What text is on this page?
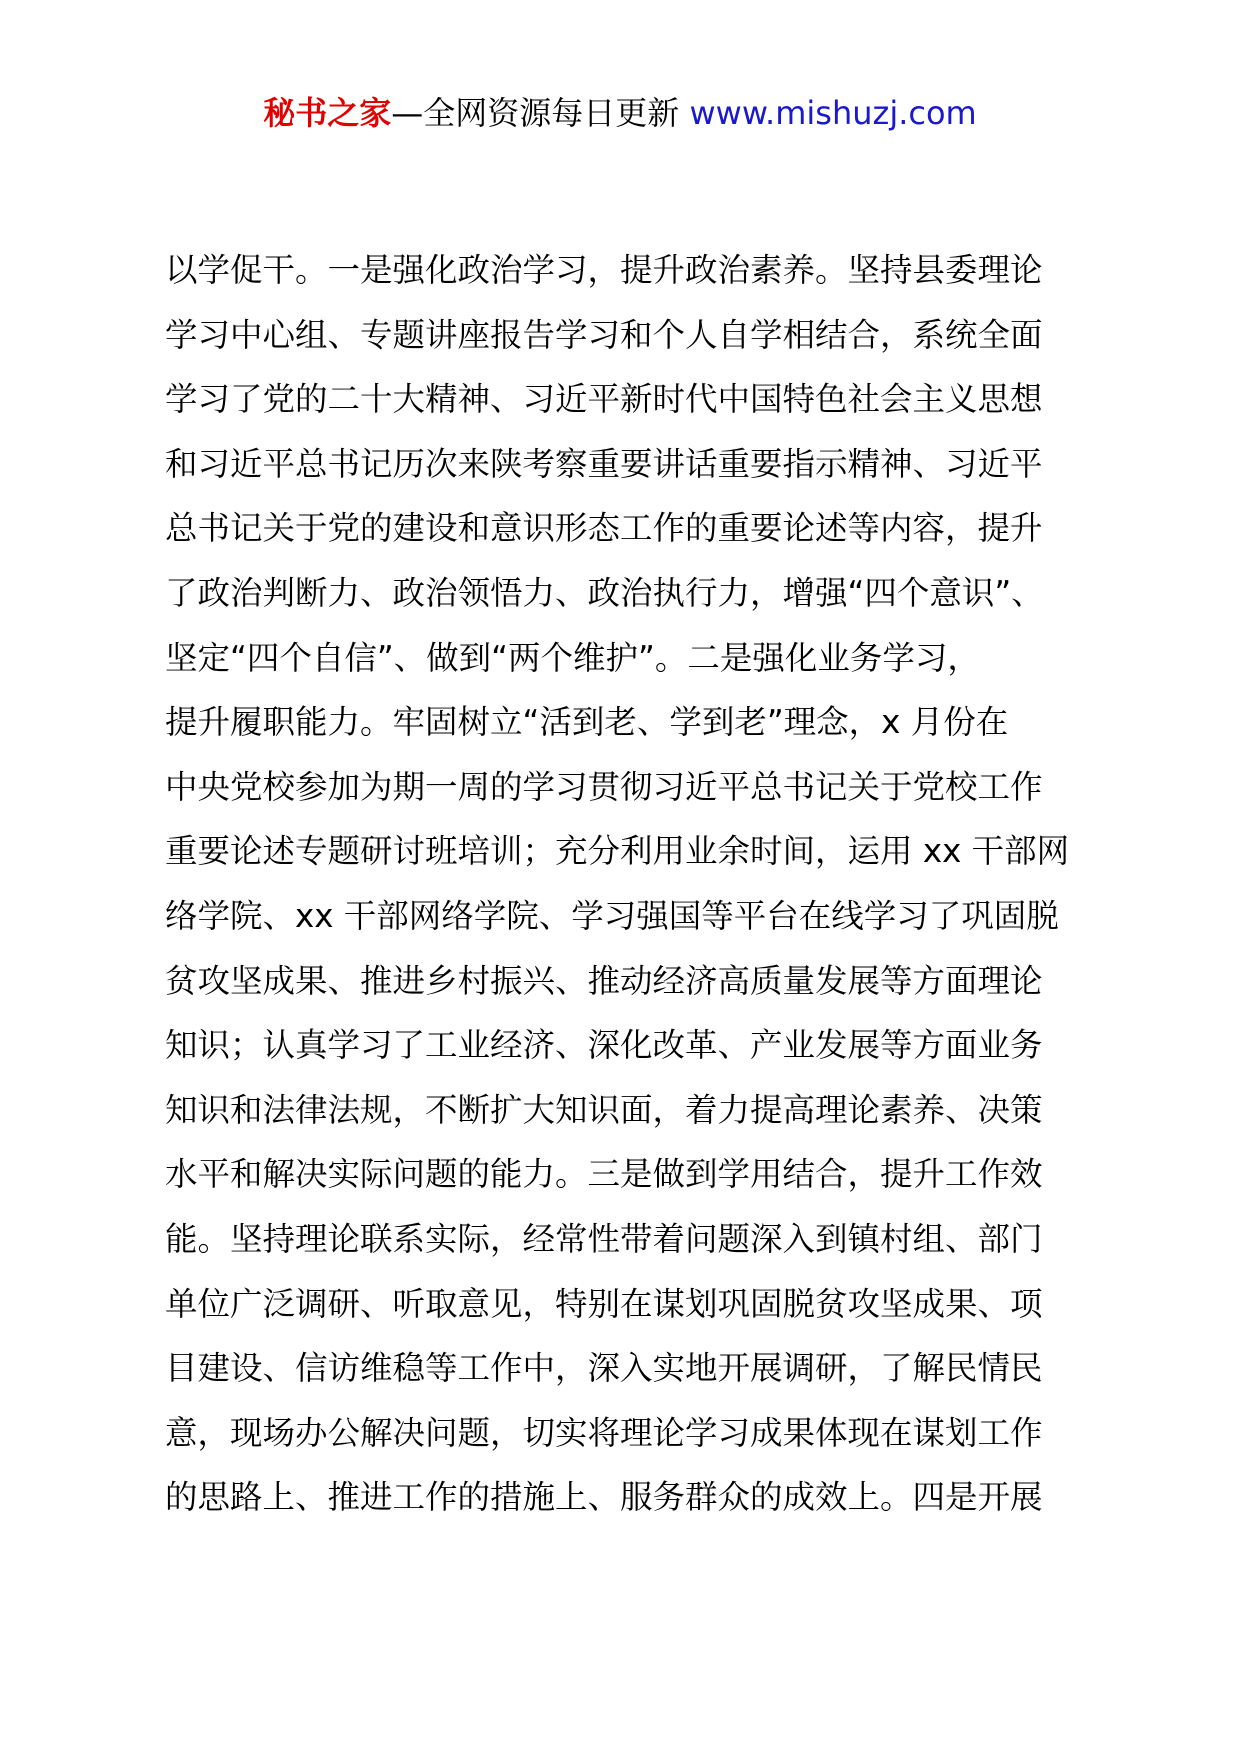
秘书之家—全网资源每日更新 www.mishuzj.com
以学促干。一是强化政治学习，提升政治素养。坚持县委理论
学习中心组、专题讲座报告学习和个人自学相结合，系统全面
学习了党的二十大精神、习近平新时代中国特色社会主义思想
和习近平总书记历次来陕考察重要讲话重要指示精神、习近平
总书记关于党的建设和意识形态工作的重要论述等内容，提升
了政治判断力、政治领悟力、政治执行力，增强“四个意识”、
坚定“四个自信”、做到“两个维护”。二是强化业务学习，
提升履职能力。牢固树立“活到老、学到老”理念，x 月份在
中央党校参加为期一周的学习贯彻习近平总书记关于党校工作
重要论述专题研讨班培训；充分利用业余时间，运用 xx 干部网
络学院、xx 干部网络学院、学习强国等平台在线学习了巩固脱
贫攻坚成果、推进乡村振兴、推动经济高质量发展等方面理论
知识；认真学习了工业经济、深化改革、产业发展等方面业务
知识和法律法规，不断扩大知识面，着力提高理论素养、决策
水平和解决实际问题的能力。三是做到学用结合，提升工作效
能。坚持理论联系实际，经常性带着问题深入到镇村组、部门
单位广泛调研、听取意见，特别在谋划巩固脱贫攻坚成果、项
目建设、信访维稳等工作中，深入实地开展调研，了解民情民
意，现场办公解决问题，切实将理论学习成果体现在谋划工作
的思路上、推进工作的措施上、服务群众的成效上。四是开展
